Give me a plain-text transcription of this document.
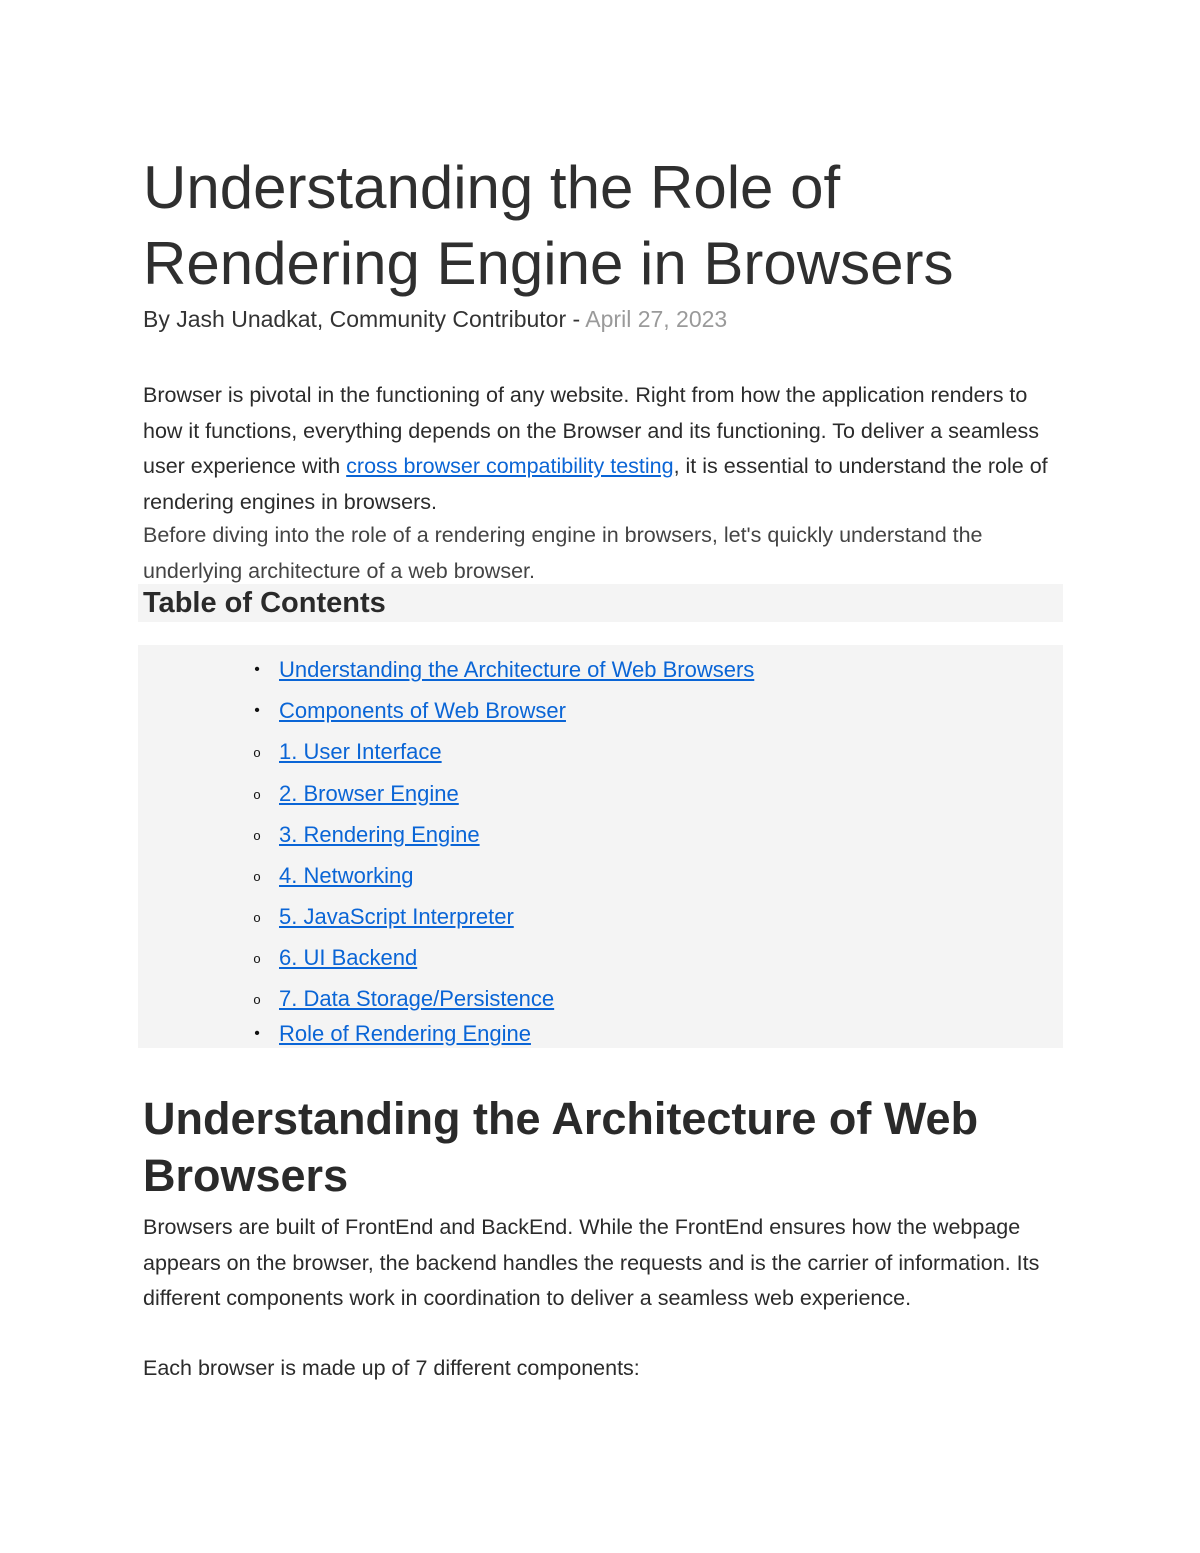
Understanding the Role of Rendering Engine in Browsers
By Jash Unadkat, Community Contributor - April 27, 2023

Browser is pivotal in the functioning of any website. Right from how the application renders to how it functions, everything depends on the Browser and its functioning. To deliver a seamless user experience with cross browser compatibility testing, it is essential to understand the role of rendering engines in browsers.

Before diving into the role of a rendering engine in browsers, let's quickly understand the underlying architecture of a web browser.

Table of Contents
• Understanding the Architecture of Web Browsers
• Components of Web Browser
o 1. User Interface
o 2. Browser Engine
o 3. Rendering Engine
o 4. Networking
o 5. JavaScript Interpreter
o 6. UI Backend
o 7. Data Storage/Persistence
• Role of Rendering Engine
Understanding the Architecture of Web Browsers

Browsers are built of FrontEnd and BackEnd. While the FrontEnd ensures how the webpage appears on the browser, the backend handles the requests and is the carrier of information. Its different components work in coordination to deliver a seamless web experience.

Each browser is made up of 7 different components:
